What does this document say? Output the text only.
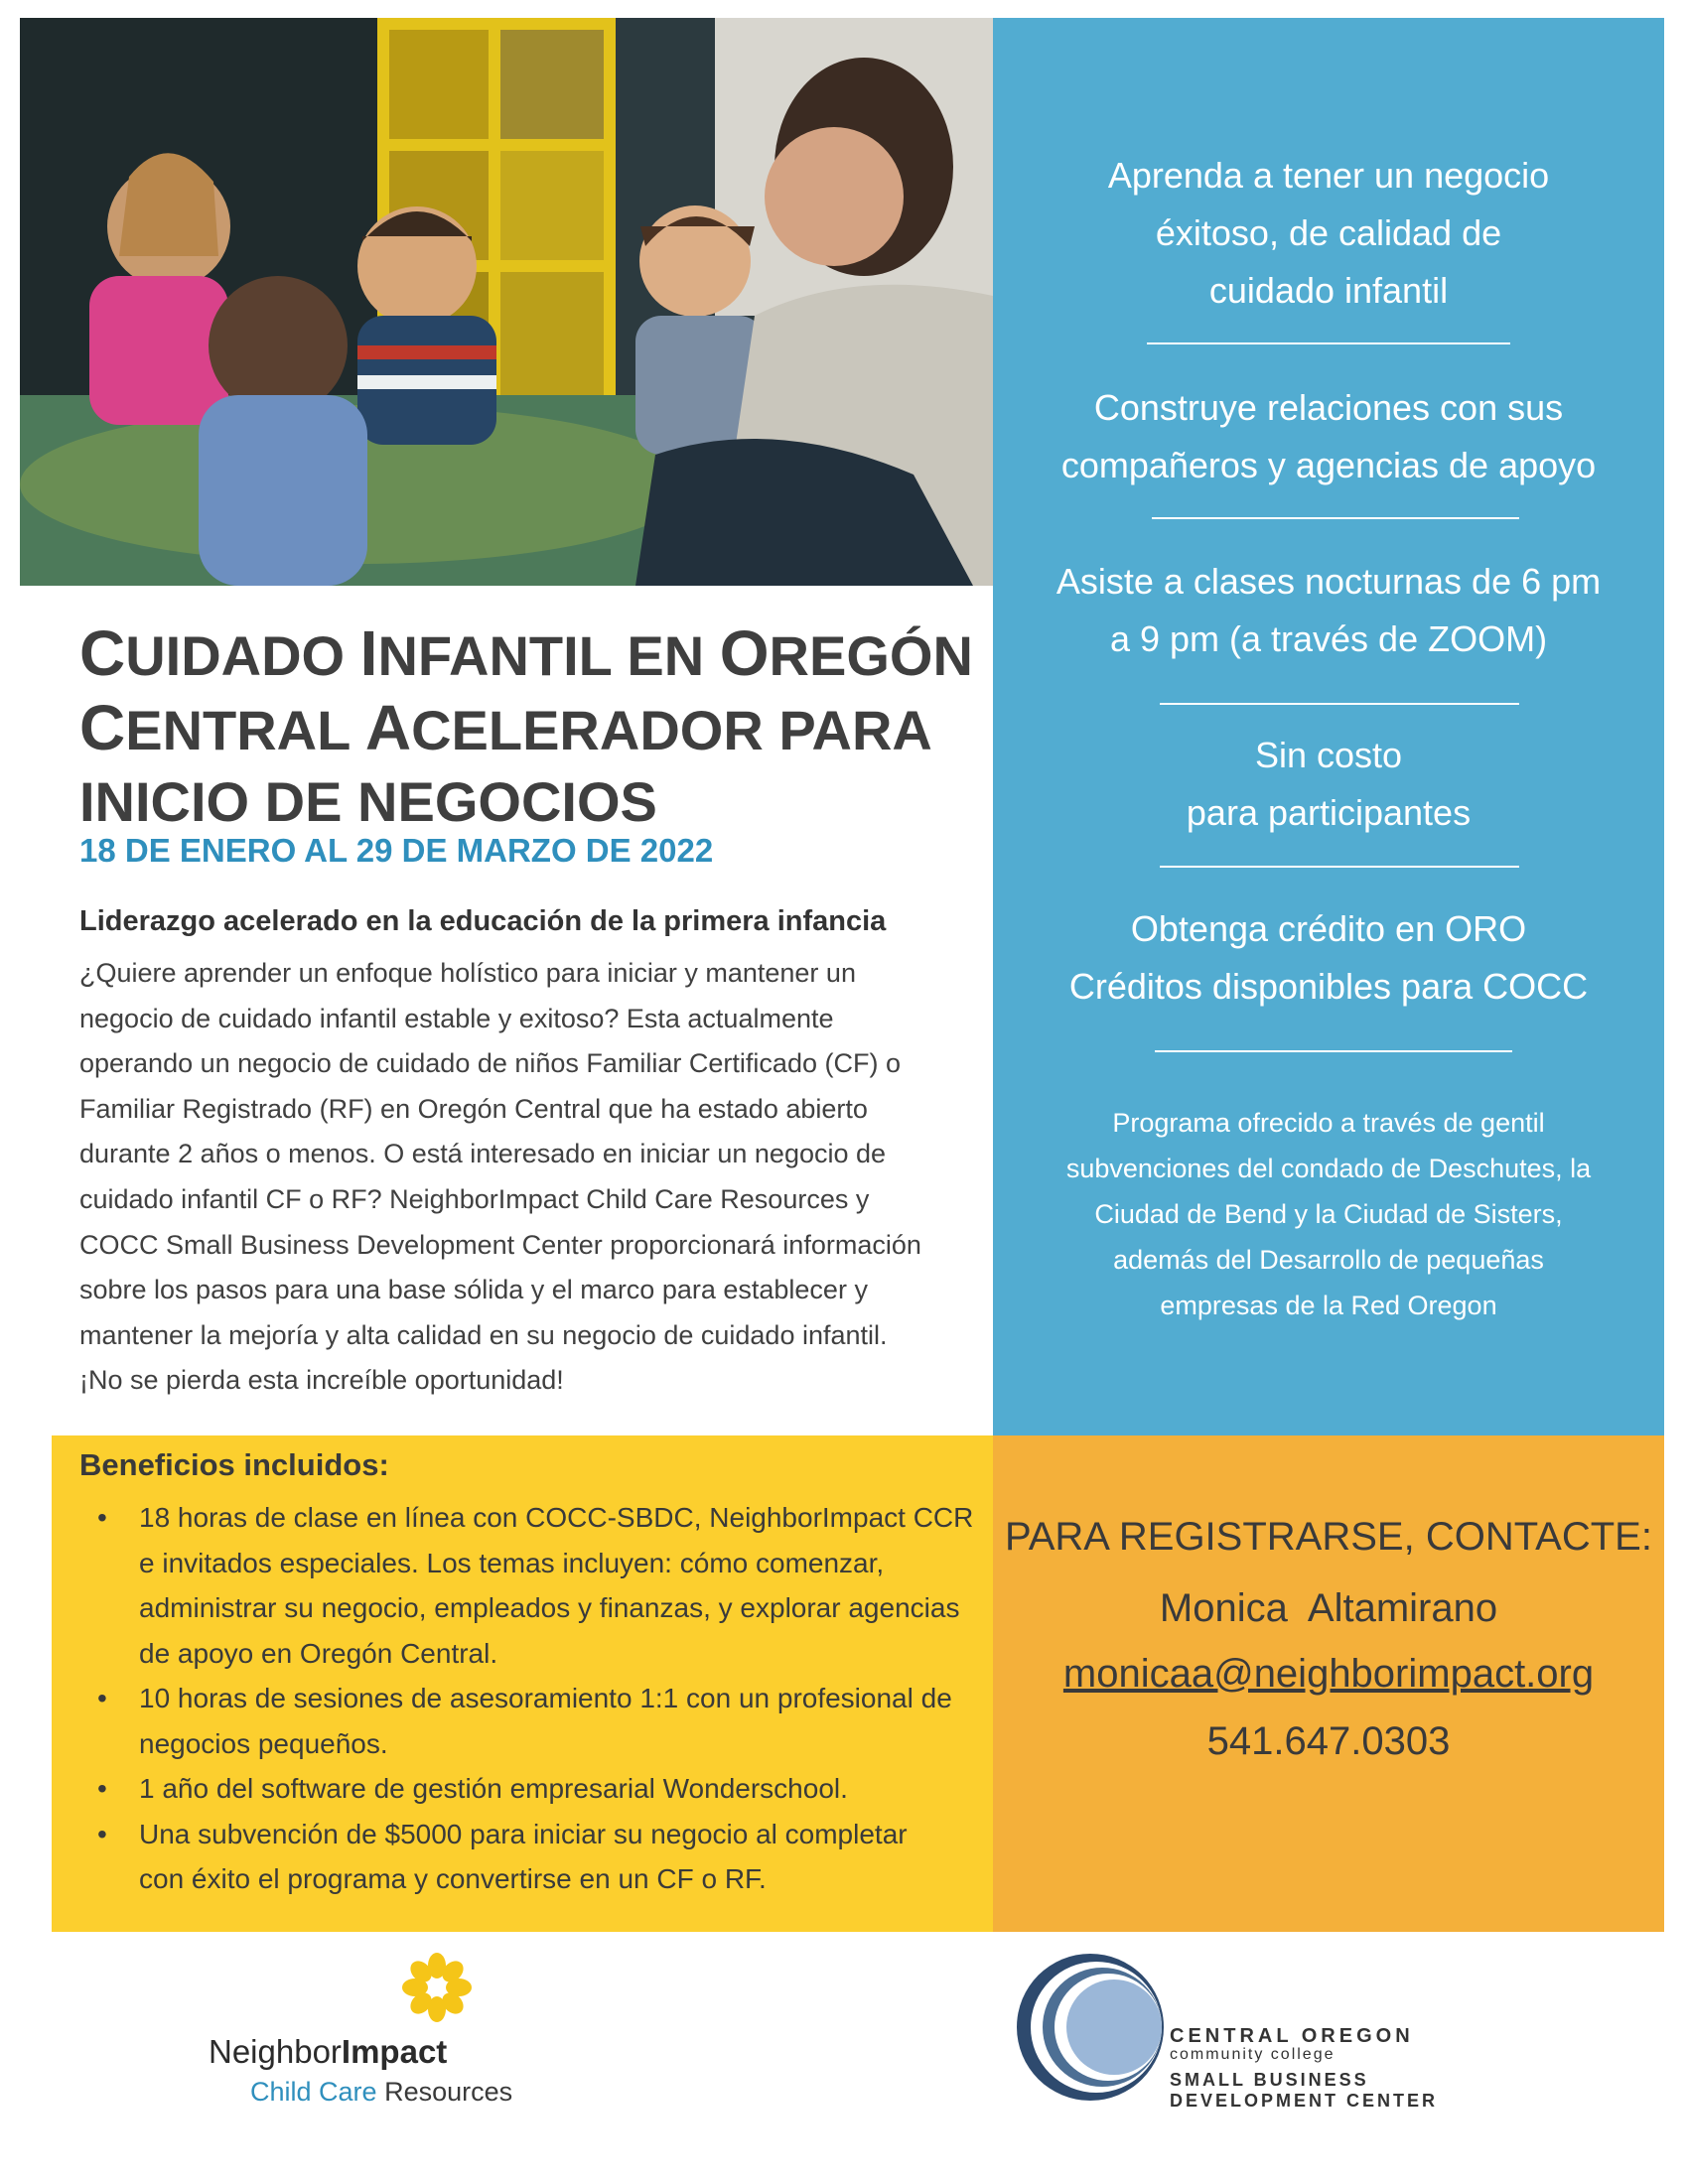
Aprenda a tener un negocio
éxitoso, de calidad de
cuidado infantil
Construye relaciones con sus
compañeros y agencias de apoyo
Asiste a clases nocturnas de 6 pm
a 9 pm (a través de ZOOM)
Sin costo
para participantes
Obtenga crédito en ORO
Créditos disponibles para COCC
Programa ofrecido a través de gentil
subvenciones del condado de Deschutes, la
Ciudad de Bend y la Ciudad de Sisters,
además del Desarrollo de pequeñas
empresas de la Red Oregon
CUIDADO INFANTIL EN OREGÓN
CENTRAL ACELERADOR PARA
INICIO DE NEGOCIOS
18 DE ENERO AL 29 DE MARZO DE 2022
Liderazgo acelerado en la educación de la primera infancia
¿Quiere aprender un enfoque holístico para iniciar y mantener un
negocio de cuidado infantil estable y exitoso? Esta actualmente
operando un negocio de cuidado de niños Familiar Certificado (CF) o
Familiar Registrado (RF) en Oregón Central que ha estado abierto
durante 2 años o menos. O está interesado en iniciar un negocio de
cuidado infantil CF o RF? NeighborImpact Child Care Resources y
COCC Small Business Development Center proporcionará información
sobre los pasos para una base sólida y el marco para establecer y
mantener la mejoría y alta calidad en su negocio de cuidado infantil.
¡No se pierda esta increíble oportunidad!
Beneficios incluidos:
• 18 horas de clase en línea con COCC-SBDC, NeighborImpact CCR
e invitados especiales. Los temas incluyen: cómo comenzar,
administrar su negocio, empleados y finanzas, y explorar agencias
de apoyo en Oregón Central.
• 10 horas de sesiones de asesoramiento 1:1 con un profesional de
negocios pequeños.
• 1 año del software de gestión empresarial Wonderschool.
• Una subvención de $5000 para iniciar su negocio al completar
con éxito el programa y convertirse en un CF o RF.
PARA REGISTRARSE, CONTACTE:
Monica  Altamirano
monicaa@neighborimpact.org
541.647.0303
NeighborImpact
Child Care Resources
CENTRAL OREGON
community college
SMALL BUSINESS
DEVELOPMENT CENTER
